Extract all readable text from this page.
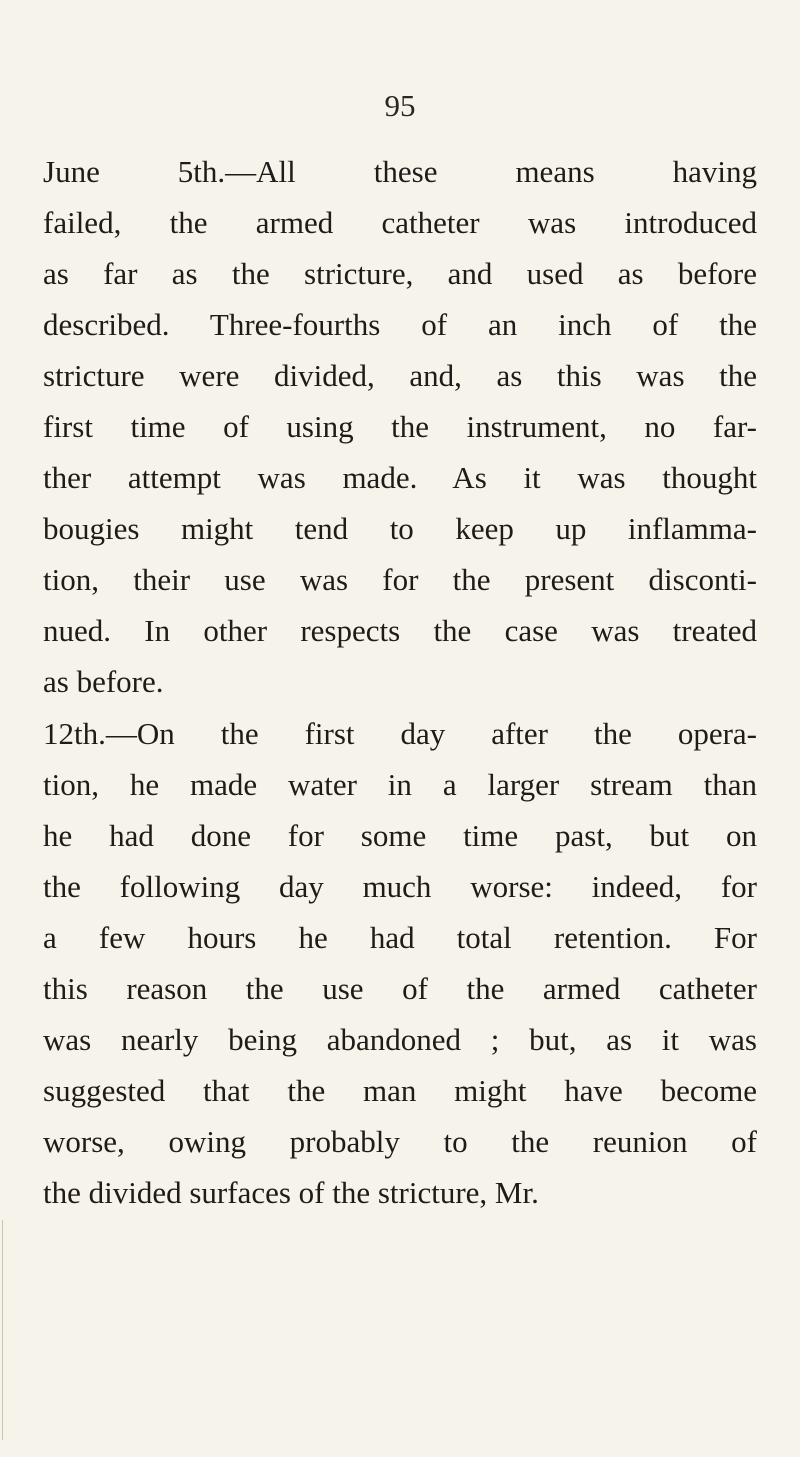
95
June 5th.—All these means having
failed, the armed catheter was introduced
as far as the stricture, and used as before
described. Three-fourths of an inch of the
stricture were divided, and, as this was the
first time of using the instrument, no far-
ther attempt was made. As it was thought
bougies might tend to keep up inflamma-
tion, their use was for the present disconti-
nued. In other respects the case was treated
as before.
12th.—On the first day after the opera-
tion, he made water in a larger stream than
he had done for some time past, but on
the following day much worse: indeed, for
a few hours he had total retention. For
this reason the use of the armed catheter
was nearly being abandoned ; but, as it was
suggested that the man might have become
worse, owing probably to the reunion of
the divided surfaces of the stricture, Mr.
